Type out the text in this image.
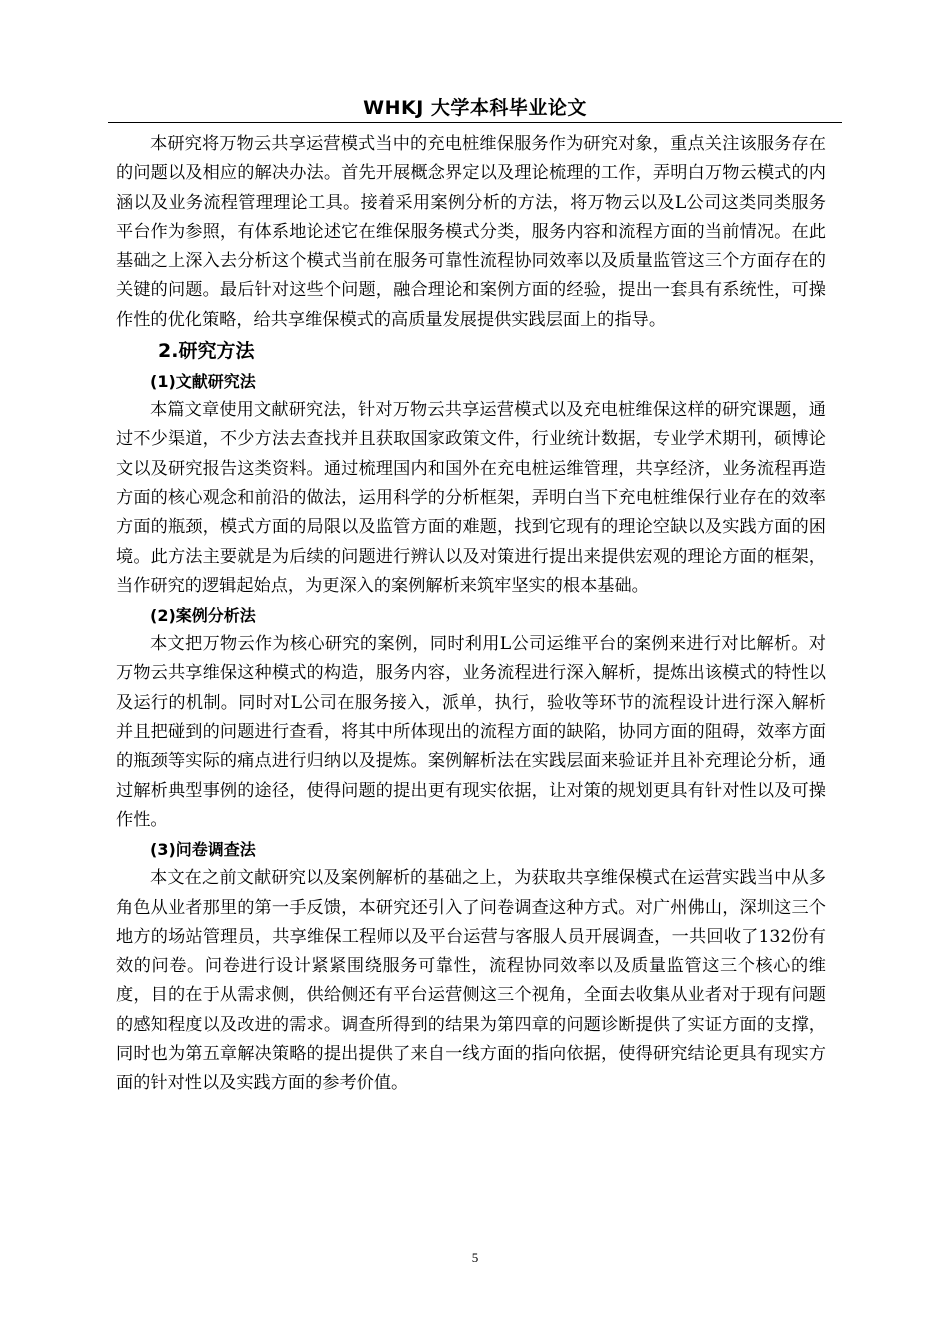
WHKJ 大学本科毕业论文

本研究将万物云共享运营模式当中的充电桩维保服务作为研究对象，重点关注该服务存在的问题以及相应的解决办法。首先开展概念界定以及理论梳理的工作，弄明白万物云模式的内涵以及业务流程管理理论工具。接着采用案例分析的方法，将万物云以及L公司这类同类服务平台作为参照，有体系地论述它在维保服务模式分类，服务内容和流程方面的当前情况。在此基础之上深入去分析这个模式当前在服务可靠性流程协同效率以及质量监管这三个方面存在的关键的问题。最后针对这些个问题，融合理论和案例方面的经验，提出一套具有系统性，可操作性的优化策略，给共享维保模式的高质量发展提供实践层面上的指导。

2.研究方法
(1)文献研究法

本篇文章使用文献研究法，针对万物云共享运营模式以及充电桩维保这样的研究课题，通过不少渠道，不少方法去查找并且获取国家政策文件，行业统计数据，专业学术期刊，硕博论文以及研究报告这类资料。通过梳理国内和国外在充电桩运维管理，共享经济，业务流程再造方面的核心观念和前沿的做法，运用科学的分析框架，弄明白当下充电桩维保行业存在的效率方面的瓶颈，模式方面的局限以及监管方面的难题，找到它现有的理论空缺以及实践方面的困境。此方法主要就是为后续的问题进行辨认以及对策进行提出来提供宏观的理论方面的框架，当作研究的逻辑起始点，为更深入的案例解析来筑牢坚实的根本基础。

(2)案例分析法

本文把万物云作为核心研究的案例，同时利用L公司运维平台的案例来进行对比解析。对万物云共享维保这种模式的构造，服务内容，业务流程进行深入解析，提炼出该模式的特性以及运行的机制。同时对L公司在服务接入，派单，执行，验收等环节的流程设计进行深入解析并且把碰到的问题进行查看，将其中所体现出的流程方面的缺陷，协同方面的阻碍，效率方面的瓶颈等实际的痛点进行归纳以及提炼。案例解析法在实践层面来验证并且补充理论分析，通过解析典型事例的途径，使得问题的提出更有现实依据，让对策的规划更具有针对性以及可操作性。

(3)问卷调查法

本文在之前文献研究以及案例解析的基础之上，为获取共享维保模式在运营实践当中从多角色从业者那里的第一手反馈，本研究还引入了问卷调查这种方式。对广州佛山，深圳这三个地方的场站管理员，共享维保工程师以及平台运营与客服人员开展调查，一共回收了132份有效的问卷。问卷进行设计紧紧围绕服务可靠性，流程协同效率以及质量监管这三个核心的维度，目的在于从需求侧，供给侧还有平台运营侧这三个视角，全面去收集从业者对于现有问题的感知程度以及改进的需求。调查所得到的结果为第四章的问题诊断提供了实证方面的支撑，同时也为第五章解决策略的提出提供了来自一线方面的指向依据，使得研究结论更具有现实方面的针对性以及实践方面的参考价值。

5
